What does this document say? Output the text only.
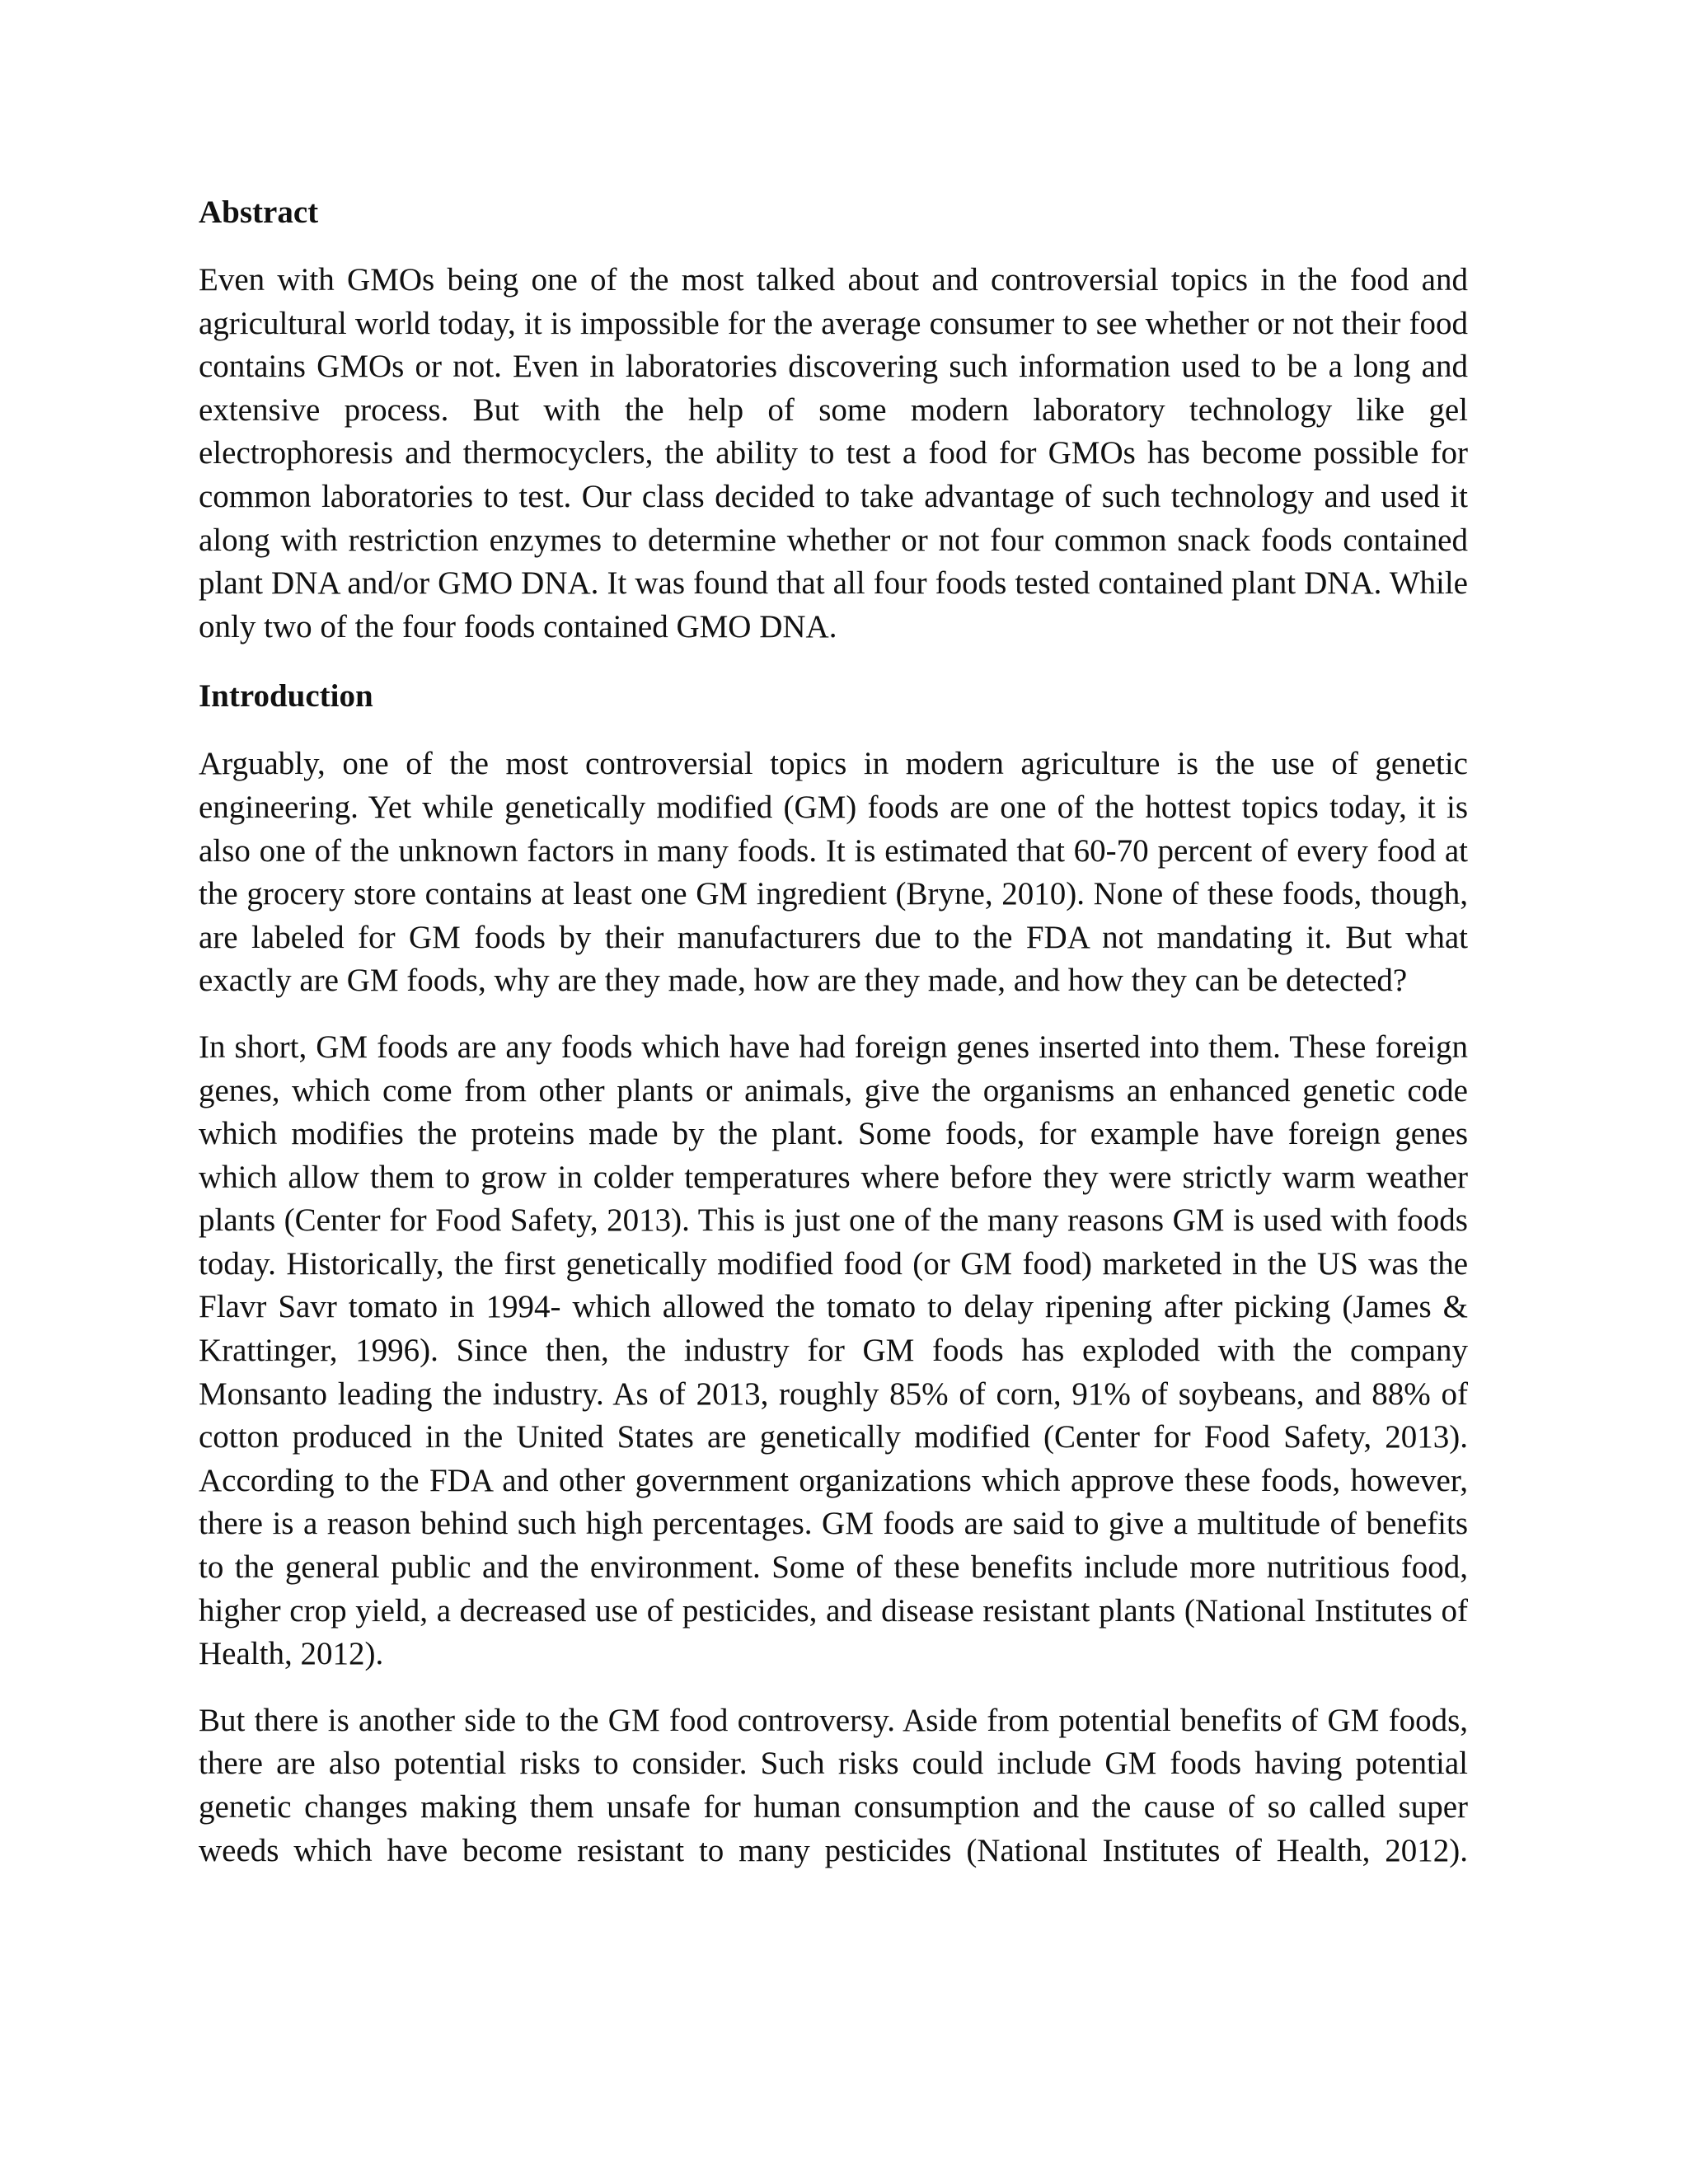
Abstract

Even with GMOs being one of the most talked about and controversial topics in the food and agricultural world today, it is impossible for the average consumer to see whether or not their food contains GMOs or not. Even in laboratories discovering such information used to be a long and extensive process. But with the help of some modern laboratory technology like gel electrophoresis and thermocyclers, the ability to test a food for GMOs has become possible for common laboratories to test. Our class decided to take advantage of such technology and used it along with restriction enzymes to determine whether or not four common snack foods contained plant DNA and/or GMO DNA. It was found that all four foods tested contained plant DNA. While only two of the four foods contained GMO DNA.

Introduction

Arguably, one of the most controversial topics in modern agriculture is the use of genetic engineering. Yet while genetically modified (GM) foods are one of the hottest topics today, it is also one of the unknown factors in many foods. It is estimated that 60-70 percent of every food at the grocery store contains at least one GM ingredient (Bryne, 2010). None of these foods, though, are labeled for GM foods by their manufacturers due to the FDA not mandating it. But what exactly are GM foods, why are they made, how are they made, and how they can be detected?

In short, GM foods are any foods which have had foreign genes inserted into them. These foreign genes, which come from other plants or animals, give the organisms an enhanced genetic code which modifies the proteins made by the plant. Some foods, for example have foreign genes which allow them to grow in colder temperatures where before they were strictly warm weather plants (Center for Food Safety, 2013). This is just one of the many reasons GM is used with foods today. Historically, the first genetically modified food (or GM food) marketed in the US was the Flavr Savr tomato in 1994- which allowed the tomato to delay ripening after picking (James & Krattinger, 1996). Since then, the industry for GM foods has exploded with the company Monsanto leading the industry. As of 2013, roughly 85% of corn, 91% of soybeans, and 88% of cotton produced in the United States are genetically modified (Center for Food Safety, 2013). According to the FDA and other government organizations which approve these foods, however, there is a reason behind such high percentages. GM foods are said to give a multitude of benefits to the general public and the environment. Some of these benefits include more nutritious food, higher crop yield, a decreased use of pesticides, and disease resistant plants (National Institutes of Health, 2012).

But there is another side to the GM food controversy. Aside from potential benefits of GM foods, there are also potential risks to consider. Such risks could include GM foods having potential genetic changes making them unsafe for human consumption and the cause of so called super weeds which have become resistant to many pesticides (National Institutes of Health, 2012).
